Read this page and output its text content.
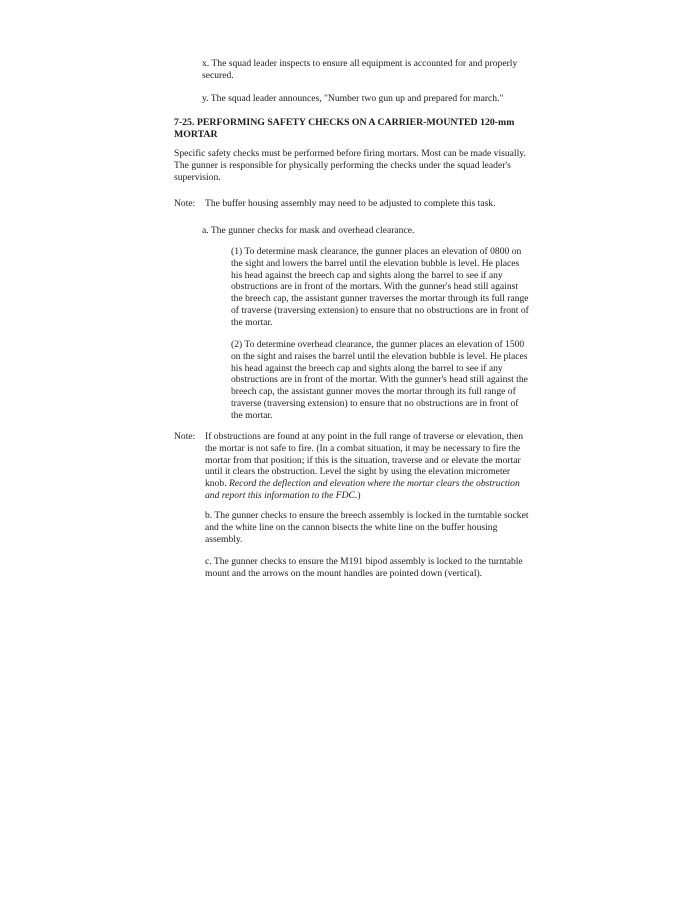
x. The squad leader inspects to ensure all equipment is accounted for and properly secured.

y. The squad leader announces, "Number two gun up and prepared for march."

7-25. PERFORMING SAFETY CHECKS ON A CARRIER-MOUNTED 120-mm MORTAR

Specific safety checks must be performed before firing mortars. Most can be made visually. The gunner is responsible for physically performing the checks under the squad leader's supervision.

Note: The buffer housing assembly may need to be adjusted to complete this task.

a. The gunner checks for mask and overhead clearance.

(1) To determine mask clearance, the gunner places an elevation of 0800 on the sight and lowers the barrel until the elevation bubble is level. He places his head against the breech cap and sights along the barrel to see if any obstructions are in front of the mortars. With the gunner's head still against the breech cap, the assistant gunner traverses the mortar through its full range of traverse (traversing extension) to ensure that no obstructions are in front of the mortar.

(2) To determine overhead clearance, the gunner places an elevation of 1500 on the sight and raises the barrel until the elevation bubble is level. He places his head against the breech cap and sights along the barrel to see if any obstructions are in front of the mortar. With the gunner's head still against the breech cap, the assistant gunner moves the mortar through its full range of traverse (traversing extension) to ensure that no obstructions are in front of the mortar.

Note: If obstructions are found at any point in the full range of traverse or elevation, then the mortar is not safe to fire. (In a combat situation, it may be necessary to fire the mortar from that position; if this is the situation, traverse and or elevate the mortar until it clears the obstruction. Level the sight by using the elevation micrometer knob. Record the deflection and elevation where the mortar clears the obstruction and report this information to the FDC.)

b. The gunner checks to ensure the breech assembly is locked in the turntable socket and the white line on the cannon bisects the white line on the buffer housing assembly.

c. The gunner checks to ensure the M191 bipod assembly is locked to the turntable mount and the arrows on the mount handles are pointed down (vertical).
